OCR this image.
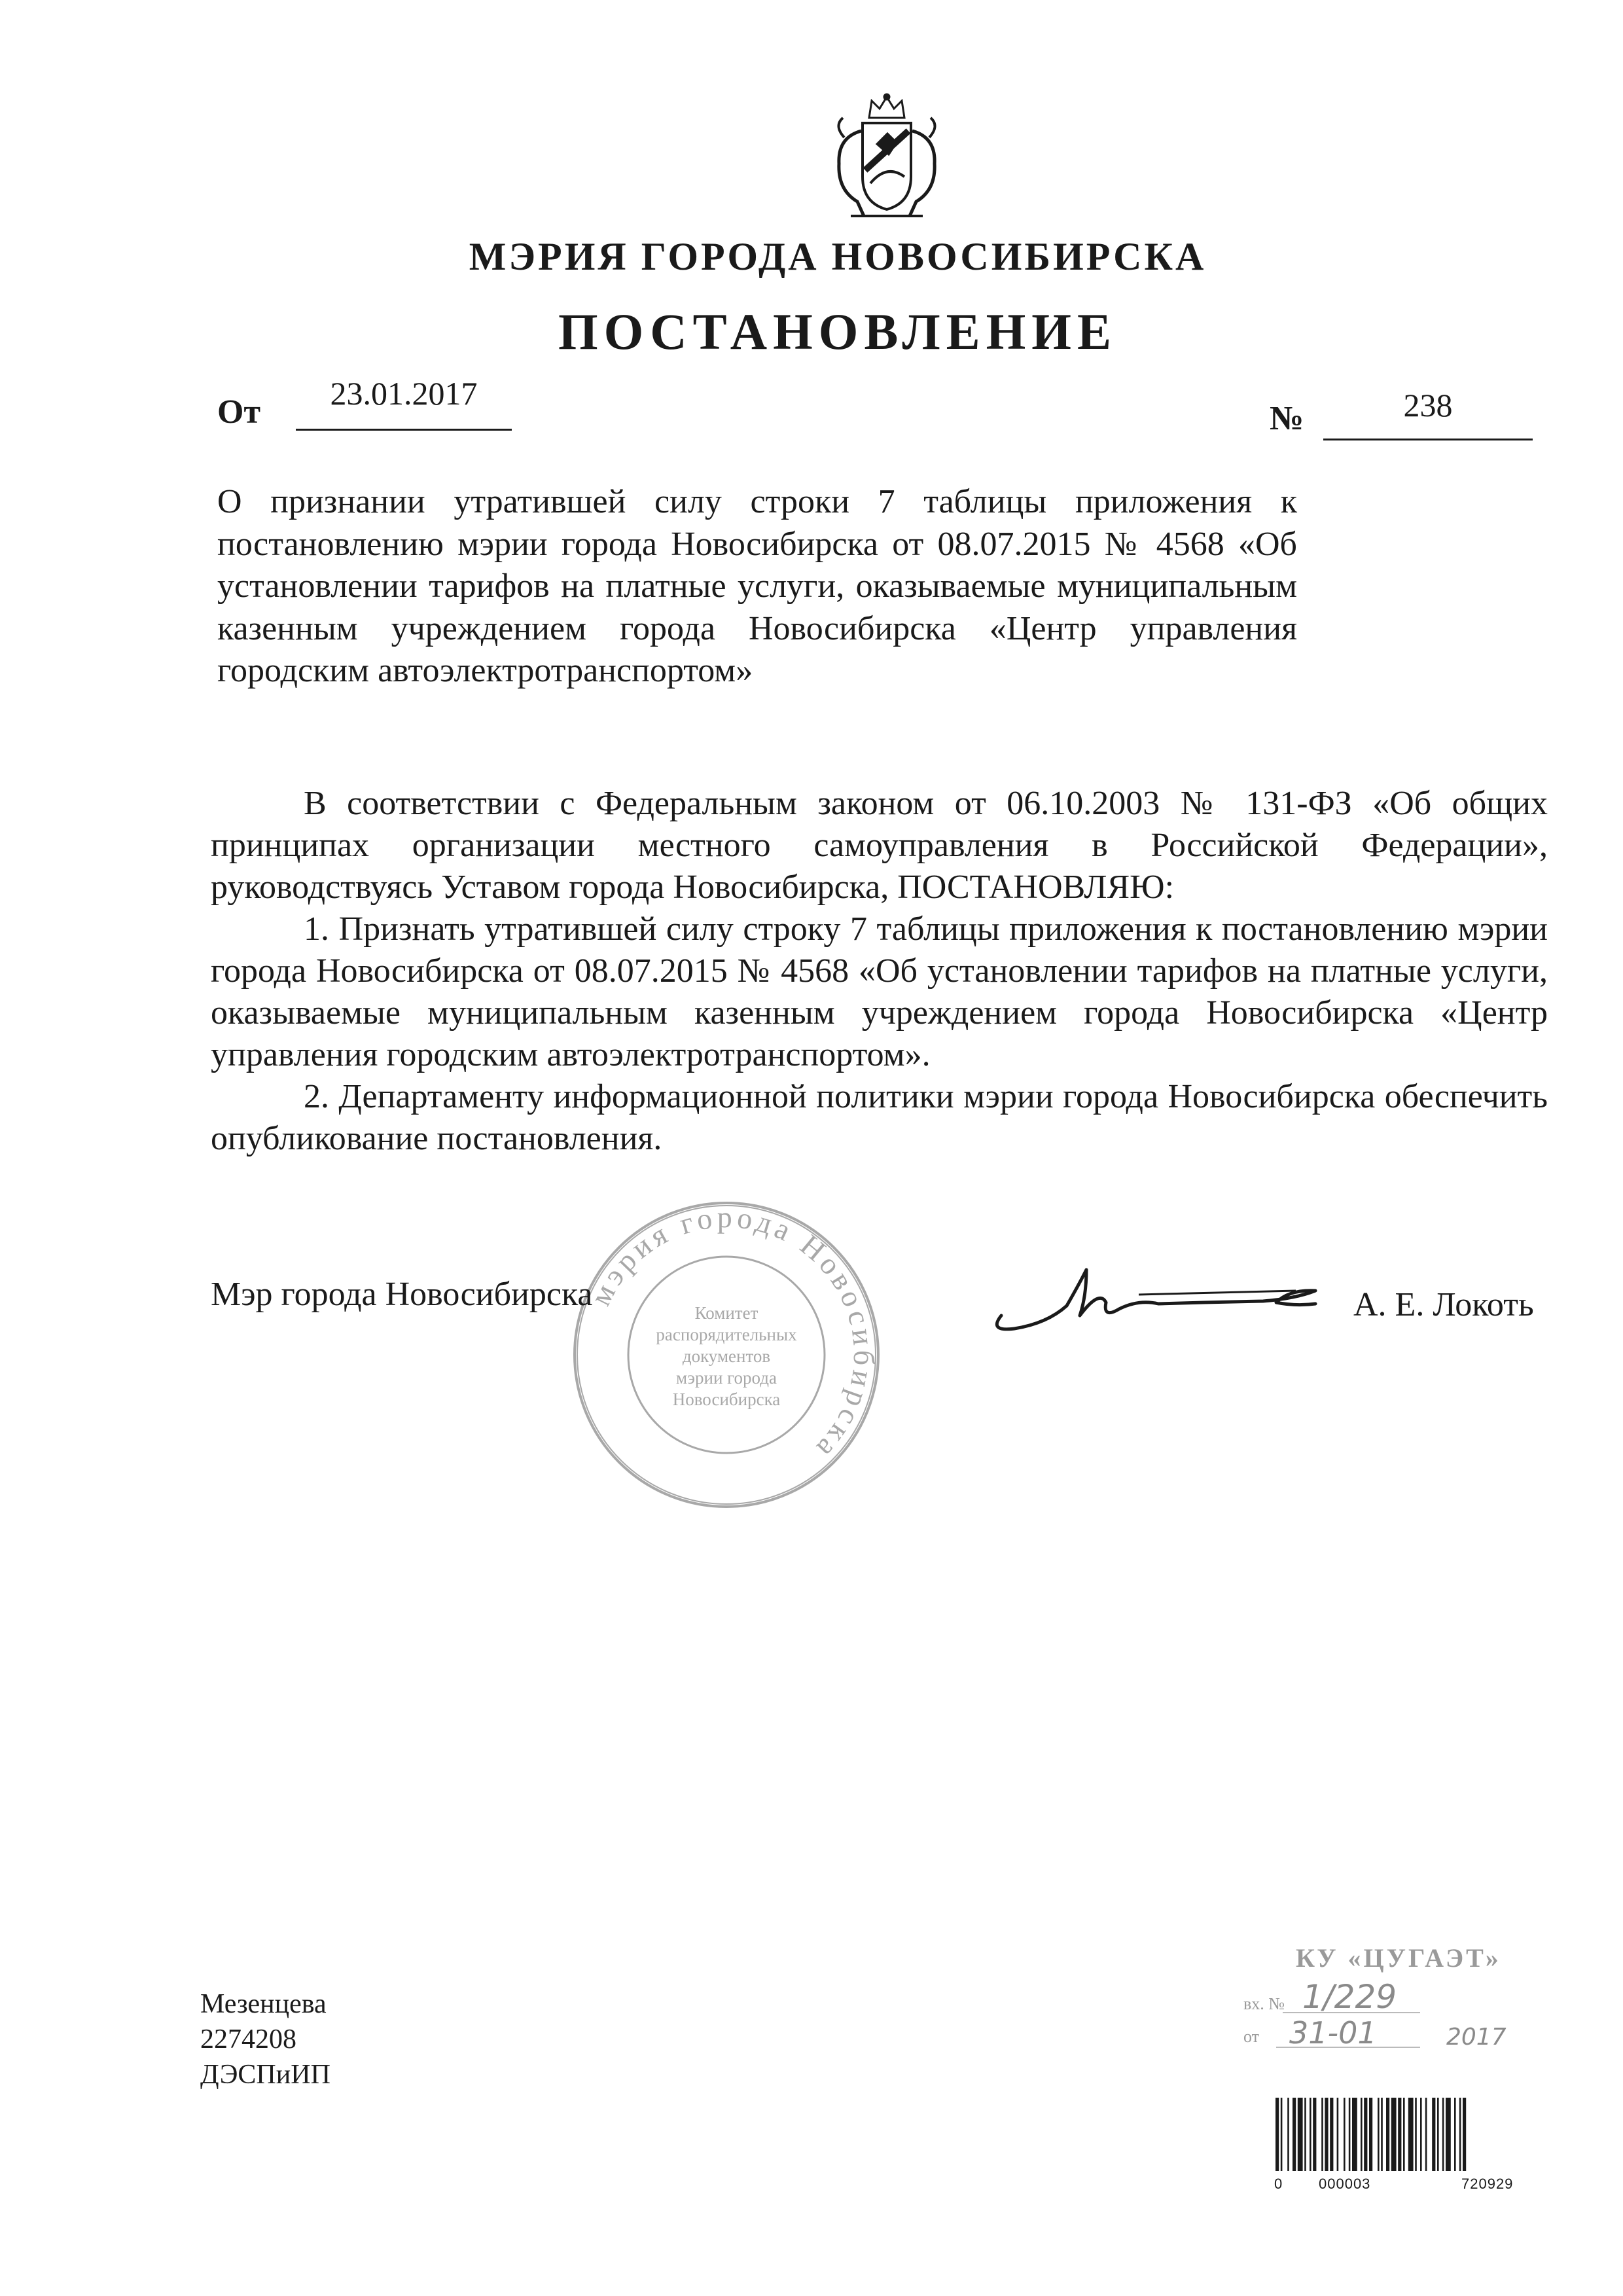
МЭРИЯ ГОРОДА НОВОСИБИРСКА
ПОСТАНОВЛЕНИЕ
От	23.01.2017
№	238
О признании утратившей силу строки 7 таблицы приложения к постановлению мэрии города Новосибирска от 08.07.2015 № 4568 «Об установлении тарифов на платные услуги, оказываемые муниципальным казенным учреждением города Новосибирска «Центр управления городским автоэлектротранспортом»

В соответствии с Федеральным законом от 06.10.2003 № 131-ФЗ «Об общих принципах организации местного самоуправления в Российской Федерации», руководствуясь Уставом города Новосибирска, ПОСТАНОВЛЯЮ:

1. Признать утратившей силу строку 7 таблицы приложения к постановлению мэрии города Новосибирска от 08.07.2015 № 4568 «Об установлении тарифов на платные услуги, оказываемые муниципальным казенным учреждением города Новосибирска «Центр управления городским автоэлектротранспортом».

2. Департаменту информационной политики мэрии города Новосибирска обеспечить опубликование постановления.

мэрия города Новосибирска
Комитет
распорядительных
документов
мэрии города
Новосибирска
Мэр города Новосибирска	А. Е. Локоть
Мезенцева
2274208
ДЭСПиИП
КУ «ЦУГАЭТ»
вх. №
от
1/229
31-01	2017
0 000003	720929
